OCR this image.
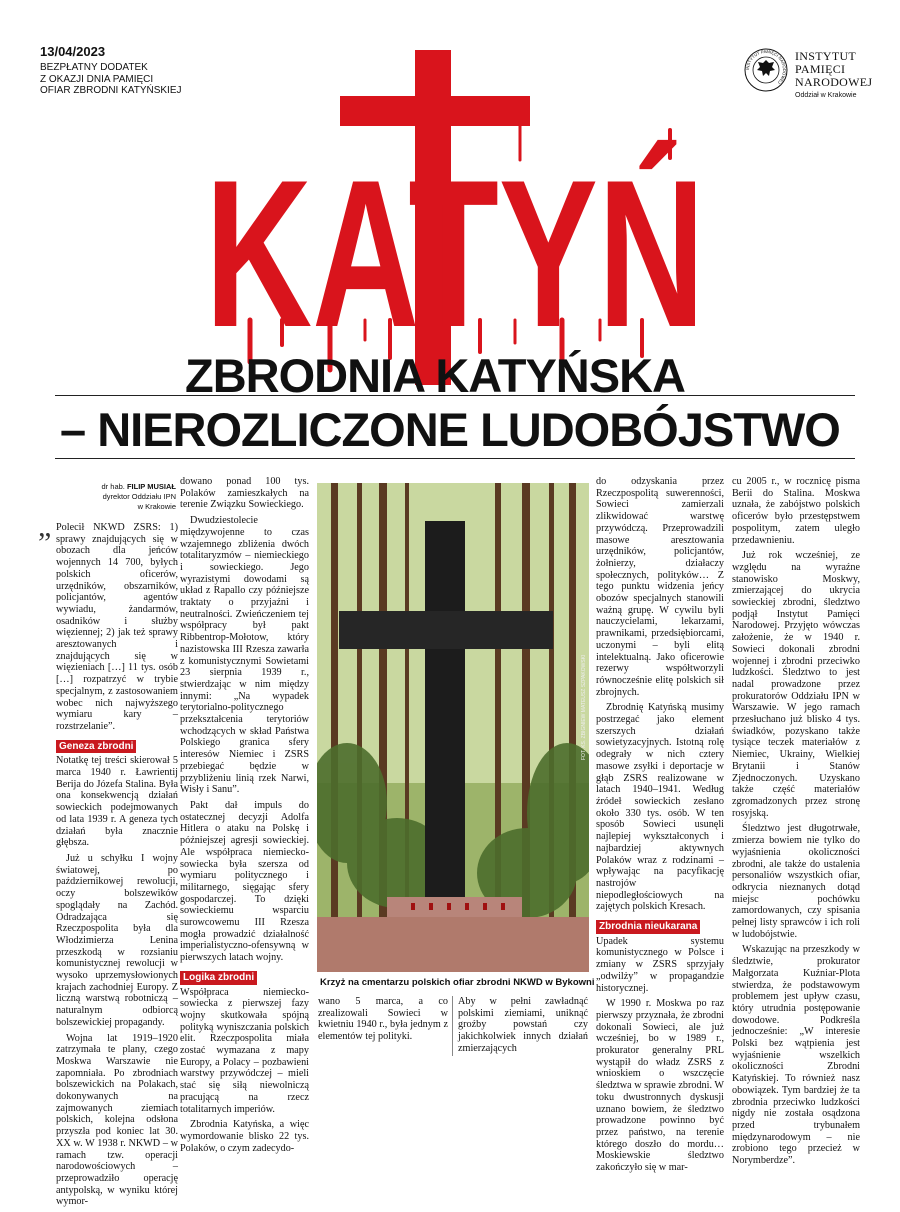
13/04/2023
BEZPŁATNY DODATEK
Z OKAZJI DNIA PAMIĘCI
OFIAR ZBRODNI KATYŃSKIEJ
INSTYTUT PAMIĘCI NARODOWEJ
INSTYTUT
PAMIĘCI
NARODOWEJ
Oddział w Krakowie
KATYŃ
ZBRODNIA KATYŃSKA
– NIEROZLICZONE LUDOBÓJSTWO
dr hab. FILIP MUSIAŁ
dyrektor Oddziału IPN
w Krakowie
„ Polecił NKWD ZSRS: 1) sprawy znajdujących się w obozach dla jeńców wojennych 14 700, byłych polskich oficerów, urzędników, obszarników, policjantów, agentów wywiadu, żandarmów, osadników i służby więziennej; 2) jak też sprawy aresztowanych i znajdujących się w więzieniach […] 11 tys. osób […] rozpatrzyć w trybie specjalnym, z zastosowaniem wobec nich najwyższego wymiaru kary – rozstrzelanie”.

Geneza zbrodni

Notatkę tej treści skierował 5 marca 1940 r. Ławrientij Berija do Józefa Stalina. Była ona konsekwencją działań sowieckich podejmowanych od lata 1939 r. A geneza tych działań była znacznie głębsza.

Już u schyłku I wojny światowej, po październikowej rewolucji, oczy bolszewików spoglądały na Zachód. Odradzająca się Rzeczpospolita była dla Włodzimierza Lenina przeszkodą w rozsianiu komunistycznej rewolucji w wysoko uprzemysłowionych krajach zachodniej Europy. Z liczną warstwą robotniczą – naturalnym odbiorcą bolszewickiej propagandy.

Wojna lat 1919–1920 zatrzymała te plany, czego Moskwa Warszawie nie zapomniała. Po zbrodniach bolszewickich na Polakach, dokonywanych na zajmowanych ziemiach polskich, kolejna odsłona przyszła pod koniec lat 30. XX w. W 1938 r. NKWD – w ramach tzw. operacji narodowościowych – przeprowadziło operację antypolską, w wyniku której wymor-

dowano ponad 100 tys. Polaków zamieszkałych na terenie Związku Sowieckiego.

Dwudziestolecie międzywojenne to czas wzajemnego zbliżenia dwóch totalitaryzmów – niemieckiego i sowieckiego. Jego wyrazistymi dowodami są układ z Rapallo czy późniejsze traktaty o przyjaźni i neutralności. Zwieńczeniem tej współpracy był pakt Ribbentrop-Mołotow, który nazistowska III Rzesza zawarła z komunistycznymi Sowietami 23 sierpnia 1939 r., stwierdzając w nim między innymi: „Na wypadek terytorialno-politycznego przekształcenia terytoriów wchodzących w skład Państwa Polskiego granica sfery interesów Niemiec i ZSRS przebiegać będzie w przybliżeniu linią rzek Narwi, Wisły i Sanu”.

Pakt dał impuls do ostatecznej decyzji Adolfa Hitlera o ataku na Polskę i późniejszej agresji sowieckiej. Ale współpraca niemiecko-sowiecka była szersza od wymiaru politycznego i militarnego, sięgając sfery gospodarczej. To dzięki sowieckiemu wsparciu surowcowemu III Rzesza mogła prowadzić działalność imperialistyczno-ofensywną w pierwszych latach wojny.

Logika zbrodni

Współpraca niemiecko-sowiecka z pierwszej fazy wojny skutkowała spójną polityką wyniszczania polskich elit. Rzeczpospolita miała zostać wymazana z mapy Europy, a Polacy – pozbawieni warstwy przywódczej – mieli stać się siłą niewolniczą pracującą na rzecz totalitarnych imperiów.

Zbrodnia Katyńska, a więc wymordowanie blisko 22 tys. Polaków, o czym zadecydo-

FOT. KS. ZBIGNIEW MATEUSZ SZPAKOWSKI
Krzyż na cmentarzu polskich ofiar zbrodni NKWD w Bykowni

wano 5 marca, a co zrealizowali Sowieci w kwietniu 1940 r., była jednym z elementów tej polityki.

Aby w pełni zawładnąć polskimi ziemiami, uniknąć groźby powstań czy jakichkolwiek innych działań zmierzających

do odzyskania przez Rzeczpospolitą suwerenności, Sowieci zamierzali zlikwidować warstwę przywódczą. Przeprowadzili masowe aresztowania urzędników, policjantów, żołnierzy, działaczy społecznych, polityków… Z tego punktu widzenia jeńcy obozów specjalnych stanowili ważną grupę. W cywilu byli nauczycielami, lekarzami, prawnikami, przedsiębiorcami, uczonymi – byli elitą intelektualną. Jako oficerowie rezerwy współtworzyli równocześnie elitę polskich sił zbrojnych.

Zbrodnię Katyńską musimy postrzegać jako element szerszych działań sowietyzacyjnych. Istotną rolę odegrały w nich cztery masowe zsyłki i deportacje w głąb ZSRS realizowane w latach 1940–1941. Według źródeł sowieckich zesłano około 330 tys. osób. W ten sposób Sowieci usunęli najlepiej wykształconych i najbardziej aktywnych Polaków wraz z rodzinami – wpływając na pacyfikację nastrojów niepodległościowych na zajętych polskich Kresach.

Zbrodnia nieukarana

Upadek systemu komunistycznego w Polsce i zmiany w ZSRS sprzyjały „odwilży” w propagandzie historycznej.

W 1990 r. Moskwa po raz pierwszy przyznała, że zbrodni dokonali Sowieci, ale już wcześniej, bo w 1989 r., prokurator generalny PRL wystąpił do władz ZSRS z wnioskiem o wszczęcie śledztwa w sprawie zbrodni. W toku dwustronnych dyskusji uznano bowiem, że śledztwo prowadzone powinno być przez państwo, na terenie którego doszło do mordu… Moskiewskie śledztwo zakończyło się w mar-

cu 2005 r., w rocznicę pisma Berii do Stalina. Moskwa uznała, że zabójstwo polskich oficerów było przestępstwem pospolitym, zatem uległo przedawnieniu.

Już rok wcześniej, ze względu na wyraźne stanowisko Moskwy, zmierzającej do ukrycia sowieckiej zbrodni, śledztwo podjął Instytut Pamięci Narodowej. Przyjęto wówczas założenie, że w 1940 r. Sowieci dokonali zbrodni wojennej i zbrodni przeciwko ludzkości. Śledztwo to jest nadal prowadzone przez prokuratorów Oddziału IPN w Warszawie. W jego ramach przesłuchano już blisko 4 tys. świadków, pozyskano także tysiące teczek materiałów z Niemiec, Ukrainy, Wielkiej Brytanii i Stanów Zjednoczonych. Uzyskano także część materiałów zgromadzonych przez stronę rosyjską.

Śledztwo jest długotrwałe, zmierza bowiem nie tylko do wyjaśnienia okoliczności zbrodni, ale także do ustalenia personaliów wszystkich ofiar, odkrycia nieznanych dotąd miejsc pochówku zamordowanych, czy spisania pełnej listy sprawców i ich roli w ludobójstwie.

Wskazując na przeszkody w śledztwie, prokurator Małgorzata Kuźniar-Plota stwierdza, że podstawowym problemem jest upływ czasu, który utrudnia postępowanie dowodowe. Podkreśla jednocześnie: „W interesie Polski bez wątpienia jest wyjaśnienie wszelkich okoliczności Zbrodni Katyńskiej. To również nasz obowiązek. Tym bardziej że ta zbrodnia przeciwko ludzkości nigdy nie została osądzona przed trybunałem międzynarodowym – nie zrobiono tego przecież w Norymberdze”.
